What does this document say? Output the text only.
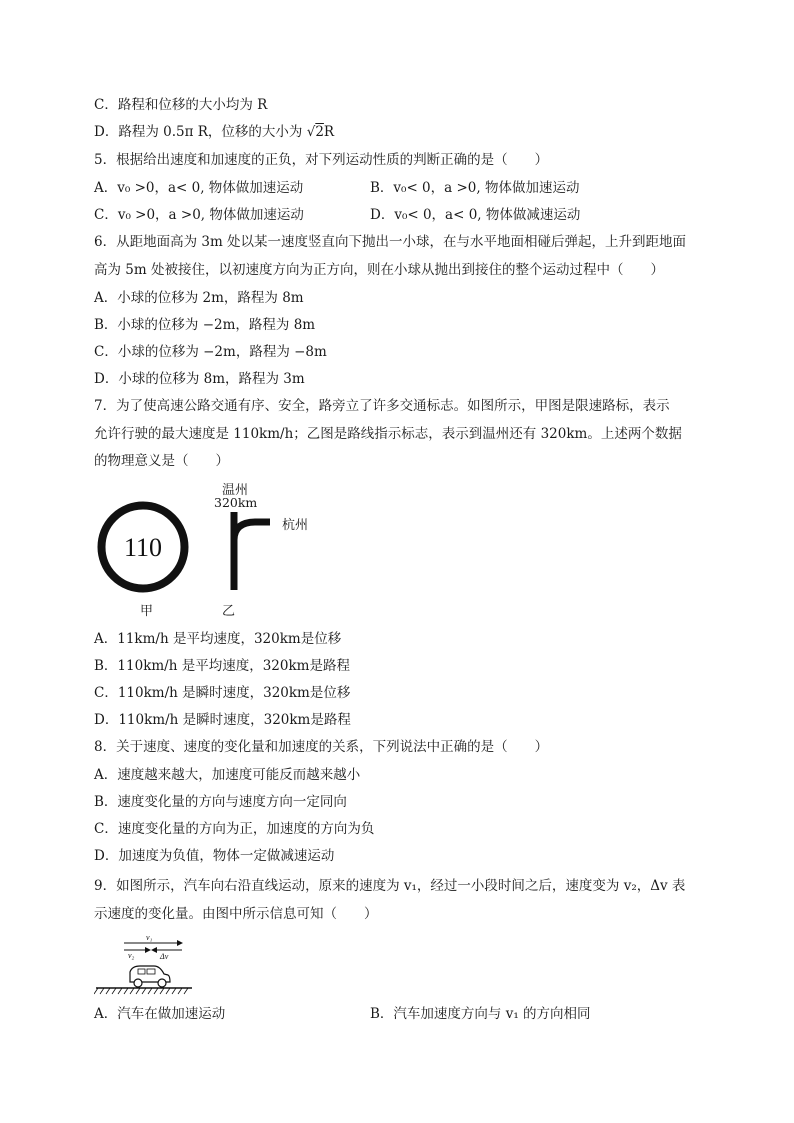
C．路程和位移的大小均为 R
D．路程为 0.5π R，位移的大小为 √2R
5．根据给出速度和加速度的正负，对下列运动性质的判断正确的是（　　）
A．v₀ >0，a< 0, 物体做加速运动	B．v₀< 0，a >0, 物体做加速运动
C．v₀ >0，a >0, 物体做加速运动	D．v₀< 0，a< 0, 物体做减速运动
6．从距地面高为 3m 处以某一速度竖直向下抛出一小球，在与水平地面相碰后弹起，上升到距地面
高为 5m 处被接住，以初速度方向为正方向，则在小球从抛出到接住的整个运动过程中（　　）
A．小球的位移为 2m，路程为 8m
B．小球的位移为 −2m，路程为 8m
C．小球的位移为 −2m，路程为 −8m
D．小球的位移为 8m，路程为 3m
7．为了使高速公路交通有序、安全，路旁立了许多交通标志。如图所示，甲图是限速路标，表示
允许行驶的最大速度是 110km/h；乙图是路线指示标志，表示到温州还有 320km。上述两个数据
的物理意义是（　　）
110
甲
温州
320km
杭州
乙
A．11km/h 是平均速度，320km是位移
B．110km/h 是平均速度，320km是路程
C．110km/h 是瞬时速度，320km是位移
D．110km/h 是瞬时速度，320km是路程
8．关于速度、速度的变化量和加速度的关系，下列说法中正确的是（　　）
A．速度越来越大，加速度可能反而越来越小
B．速度变化量的方向与速度方向一定同向
C．速度变化量的方向为正，加速度的方向为负
D．加速度为负值，物体一定做减速运动
9．如图所示，汽车向右沿直线运动，原来的速度为 v₁，经过一小段时间之后，速度变为 v₂，Δv 表
示速度的变化量。由图中所示信息可知（　　）
v₁
v₂	Δv
A．汽车在做加速运动	B．汽车加速度方向与 v₁ 的方向相同
